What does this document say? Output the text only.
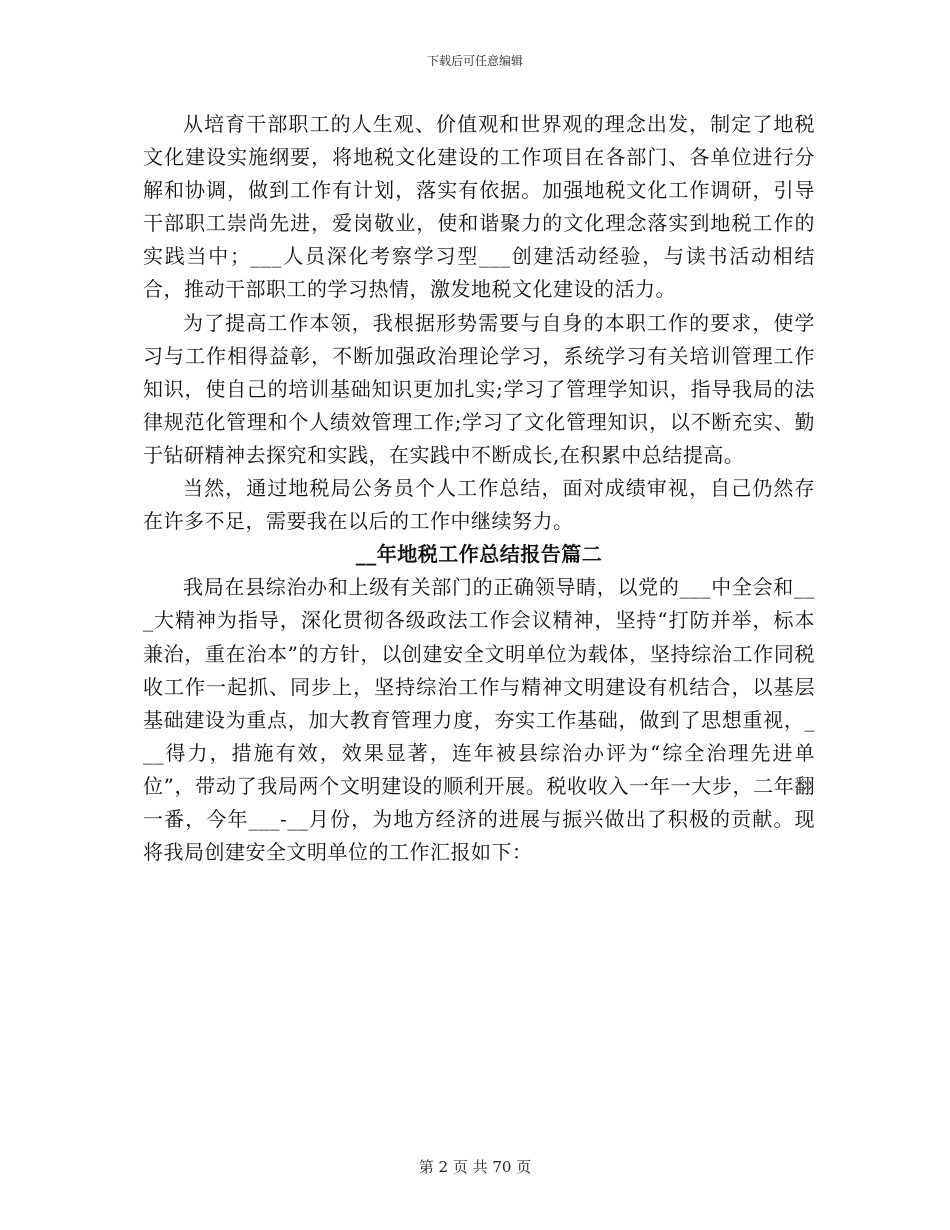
下载后可任意编辑

从培育干部职工的人生观、价值观和世界观的理念出发，制定了地税文化建设实施纲要，将地税文化建设的工作项目在各部门、各单位进行分解和协调，做到工作有计划，落实有依据。加强地税文化工作调研，引导干部职工崇尚先进，爱岗敬业，使和谐聚力的文化理念落实到地税工作的实践当中；___人员深化考察学习型___创建活动经验，与读书活动相结合，推动干部职工的学习热情，激发地税文化建设的活力。

为了提高工作本领，我根据形势需要与自身的本职工作的要求，使学习与工作相得益彰，不断加强政治理论学习，系统学习有关培训管理工作知识，使自己的培训基础知识更加扎实;学习了管理学知识，指导我局的法律规范化管理和个人绩效管理工作;学习了文化管理知识，以不断充实、勤于钻研精神去探究和实践，在实践中不断成长,在积累中总结提高。

当然，通过地税局公务员个人工作总结，面对成绩审视，自己仍然存在许多不足，需要我在以后的工作中继续努力。

__年地税工作总结报告篇二

我局在县综治办和上级有关部门的正确领导睛，以党的___中全会和___大精神为指导，深化贯彻各级政法工作会议精神，坚持“打防并举，标本兼治，重在治本”的方针，以创建安全文明单位为载体，坚持综治工作同税收工作一起抓、同步上，坚持综治工作与精神文明建设有机结合，以基层基础建设为重点，加大教育管理力度，夯实工作基础，做到了思想重视，___得力，措施有效，效果显著，连年被县综治办评为“综全治理先进单位”，带动了我局两个文明建设的顺利开展。税收收入一年一大步，二年翻一番，今年___-__月份，为地方经济的进展与振兴做出了积极的贡献。现将我局创建安全文明单位的工作汇报如下：

第 2 页 共 70 页
